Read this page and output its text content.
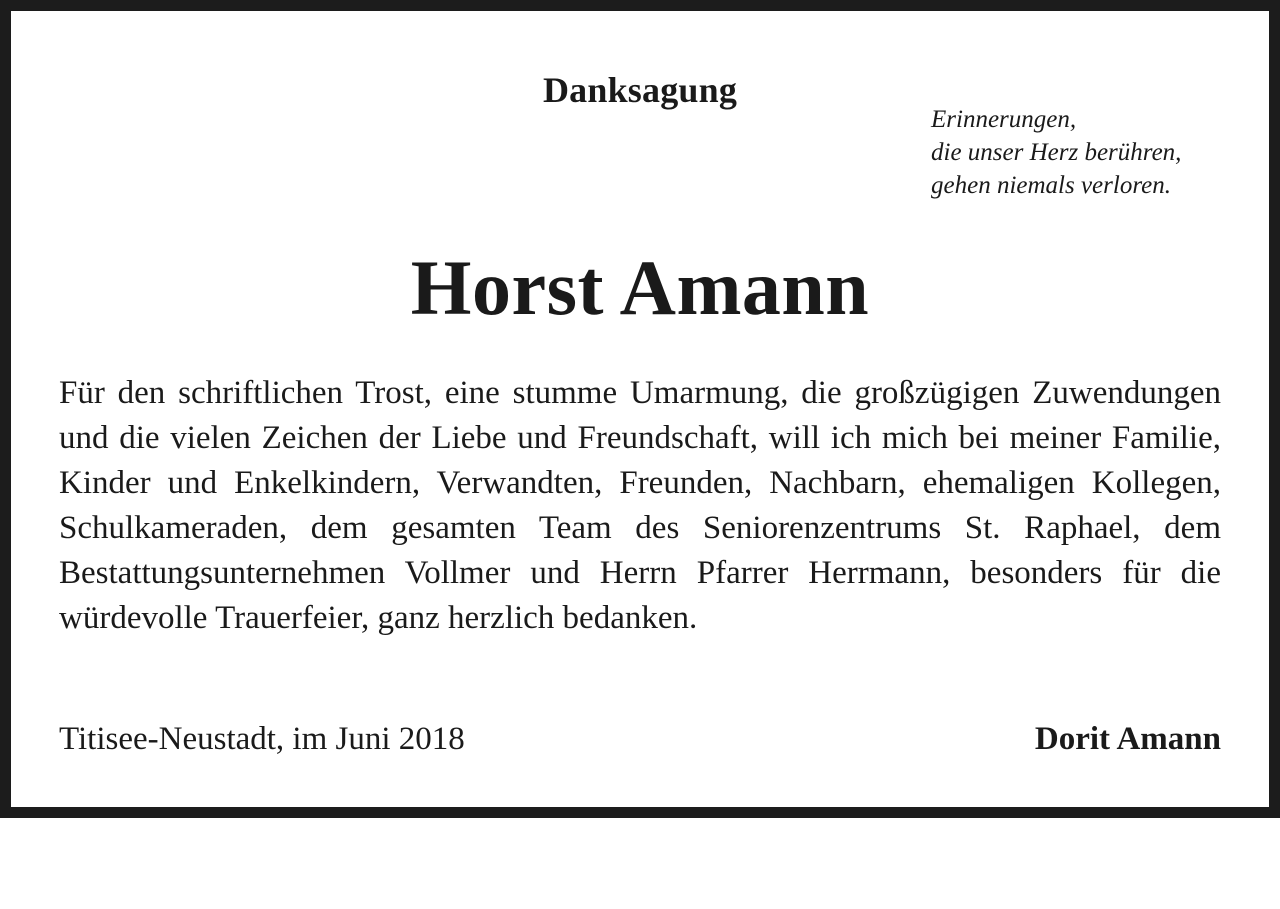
Danksagung
Erinnerungen,
die unser Herz berühren,
gehen niemals verloren.
Horst Amann
Für den schriftlichen Trost, eine stumme Umarmung, die großzügigen Zuwendungen und die vielen Zeichen der Liebe und Freundschaft, will ich mich bei meiner Familie, Kinder und Enkelkindern, Verwandten, Freunden, Nachbarn, ehemaligen Kollegen, Schulkameraden, dem gesamten Team des Seniorenzentrums St. Raphael, dem Bestattungsunternehmen Vollmer und Herrn Pfarrer Herrmann, besonders für die würdevolle Trauerfeier, ganz herzlich bedanken.
Titisee-Neustadt, im Juni 2018	Dorit Amann
